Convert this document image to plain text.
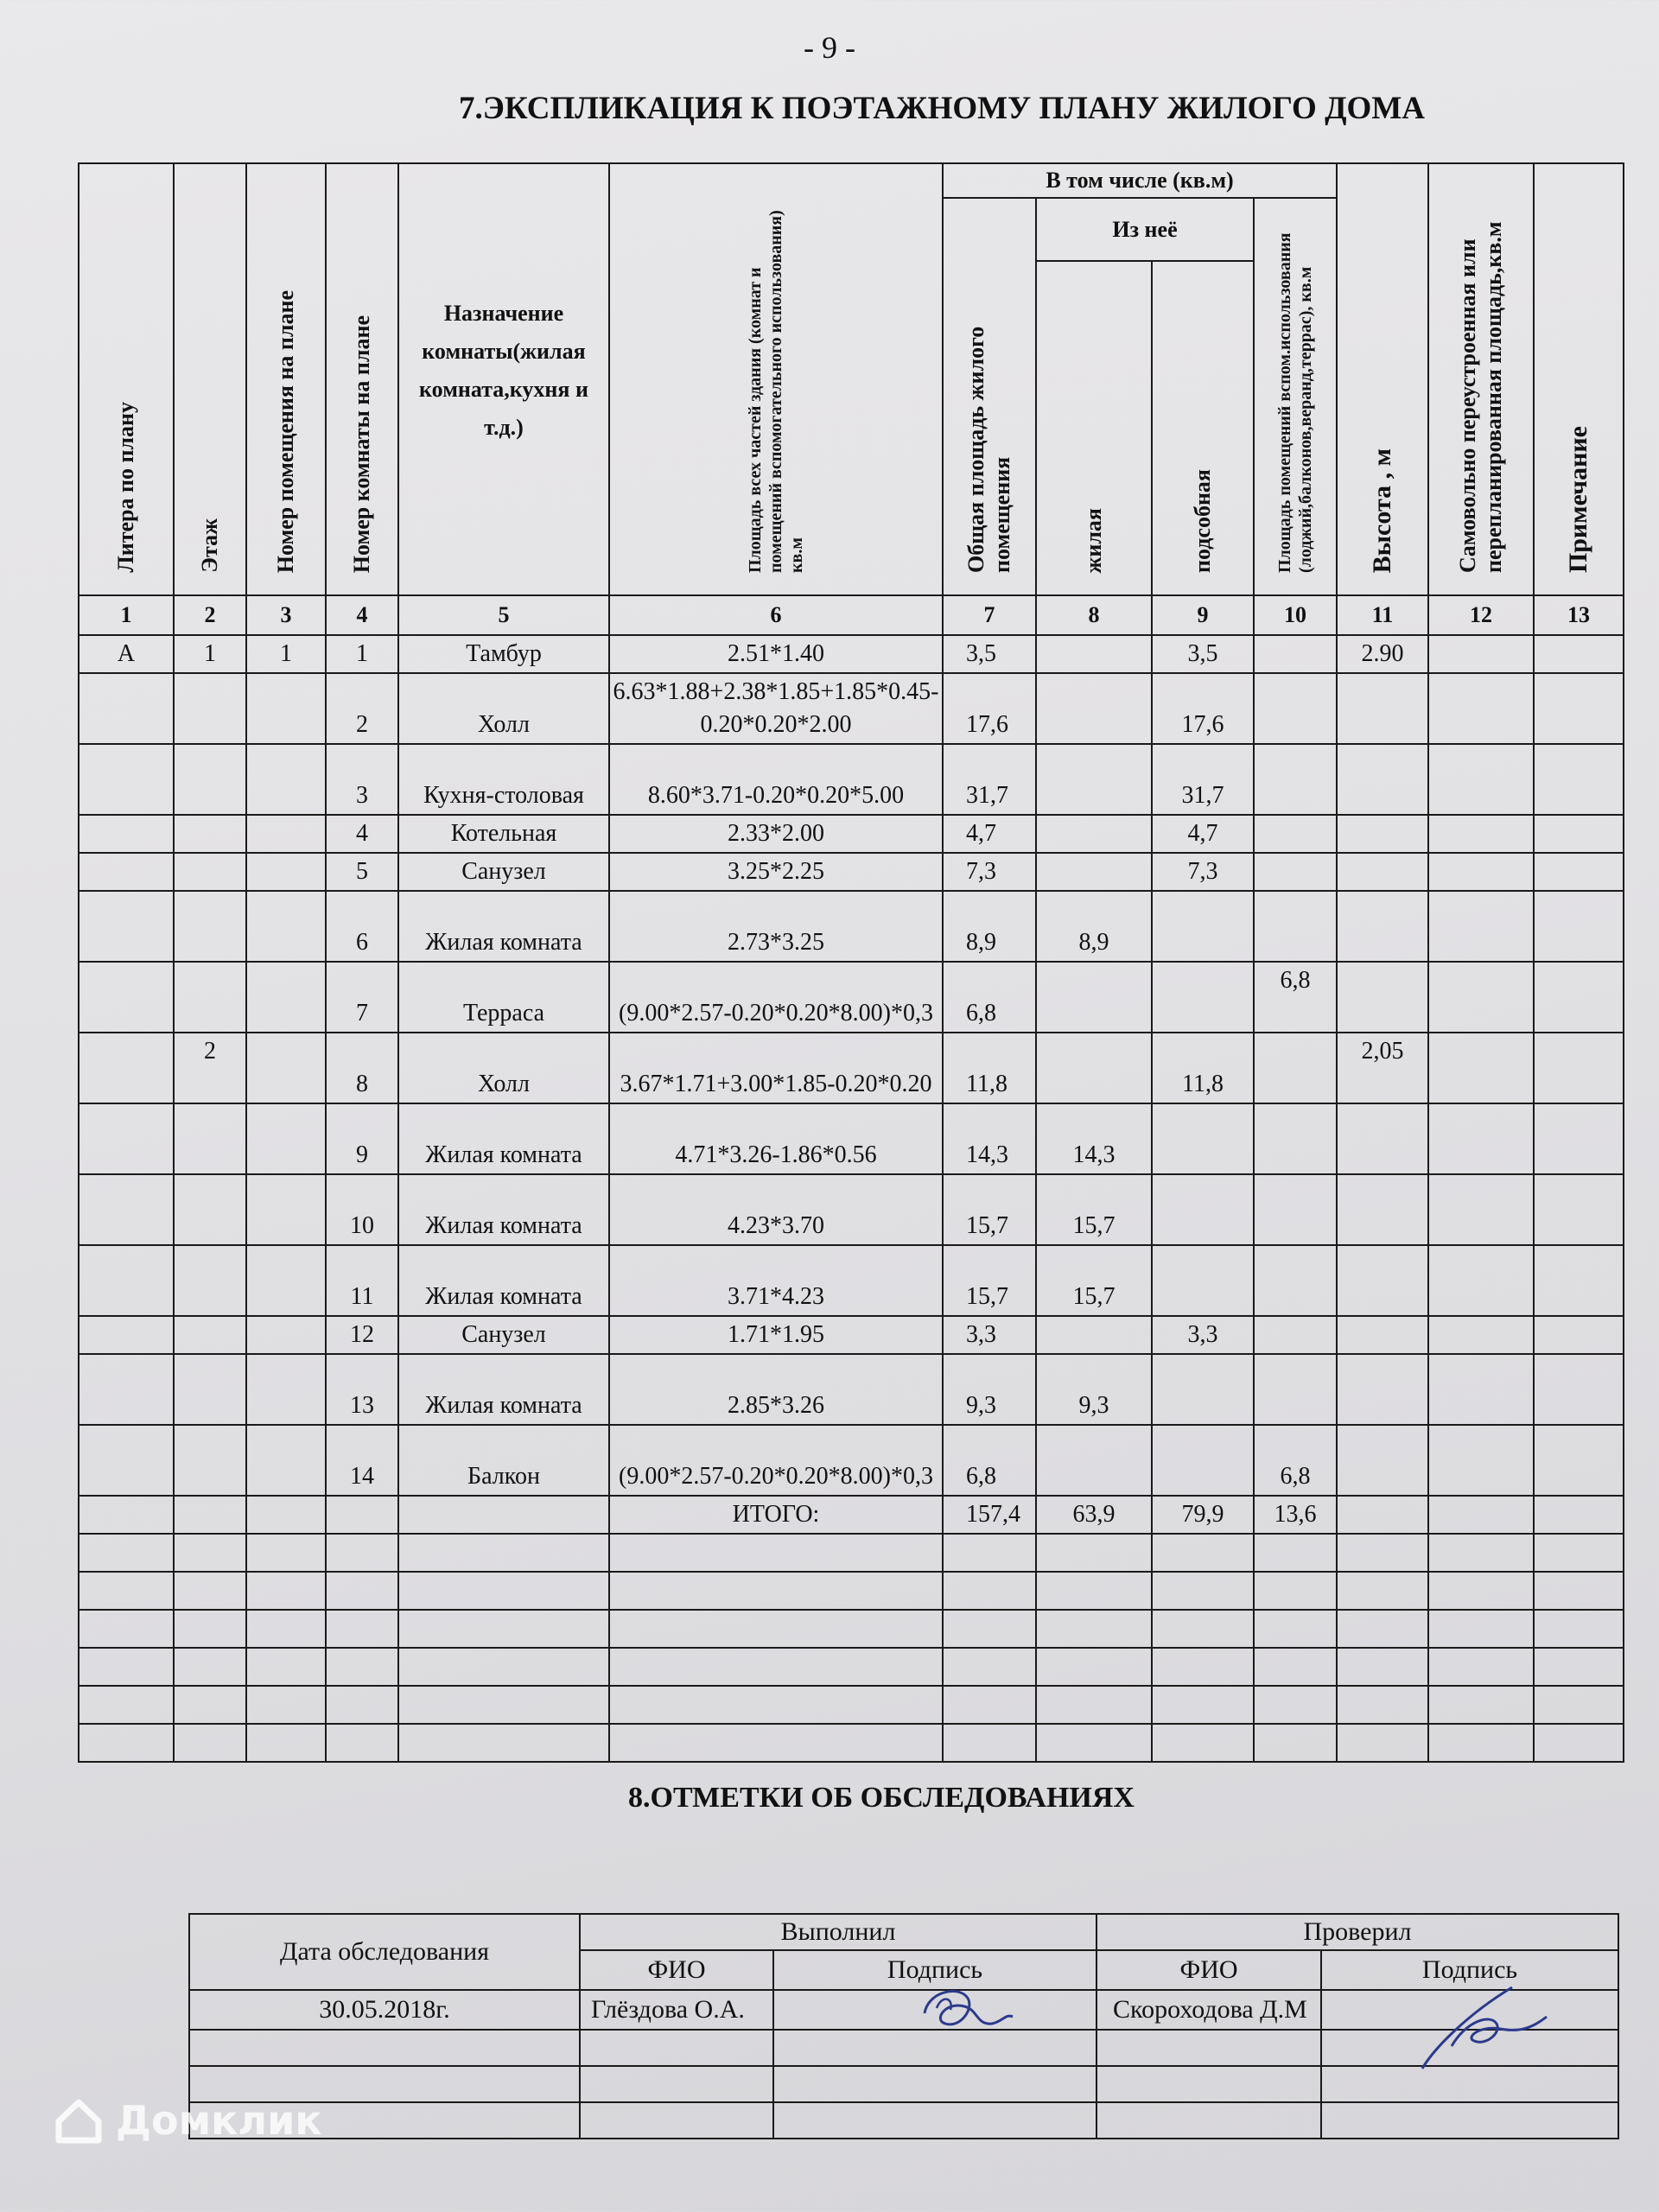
- 9 -
7.ЭКСПЛИКАЦИЯ К ПОЭТАЖНОМУ ПЛАНУ ЖИЛОГО ДОМА
Литера по плану	Этаж	Номер помещения на плане	Номер комнаты на плане	Назначение комнаты(жилая комната,кухня и т.д.)	Площадь всех частей здания (комнат и помещений вспомогательного использования) кв.м	В том числе (кв.м)				Высота , м	Самовольно переустроенная или перепланированная площадь,кв.м	Примечание
						Общая площадь жилого помещения	Из неё		Площадь помещений вспом.использования (лоджий,балконов,веранд,террас), кв.м			
							жилая	подсобная				
1	2	3	4	5	6	7	8	9	10	11	12	13
А	1	1	1	Тамбур	2.51*1.40	3,5		3,5		2.90		
			2	Холл	6.63*1.88+2.38*1.85+1.85*0.45-0.20*0.20*2.00	17,6		17,6				
			3	Кухня-столовая	8.60*3.71-0.20*0.20*5.00	31,7		31,7				
			4	Котельная	2.33*2.00	4,7		4,7				
			5	Санузел	3.25*2.25	7,3		7,3				
			6	Жилая комната	2.73*3.25	8,9	8,9					
			7	Терраса	(9.00*2.57-0.20*0.20*8.00)*0,3	6,8			6,8			
	2		8	Холл	3.67*1.71+3.00*1.85-0.20*0.20	11,8		11,8		2,05		
			9	Жилая комната	4.71*3.26-1.86*0.56	14,3	14,3					
			10	Жилая комната	4.23*3.70	15,7	15,7					
			11	Жилая комната	3.71*4.23	15,7	15,7					
			12	Санузел	1.71*1.95	3,3		3,3				
			13	Жилая комната	2.85*3.26	9,3	9,3					
			14	Балкон	(9.00*2.57-0.20*0.20*8.00)*0,3	6,8			6,8			
					ИТОГО:	157,4	63,9	79,9	13,6			

8.ОТМЕТКИ ОБ ОБСЛЕДОВАНИЯХ
Дата обследования	Выполнил		Проверил	
	ФИО	Подпись	ФИО	Подпись
30.05.2018г.	Глёздова О.А.		Скороходова Д.М	

Домклик
